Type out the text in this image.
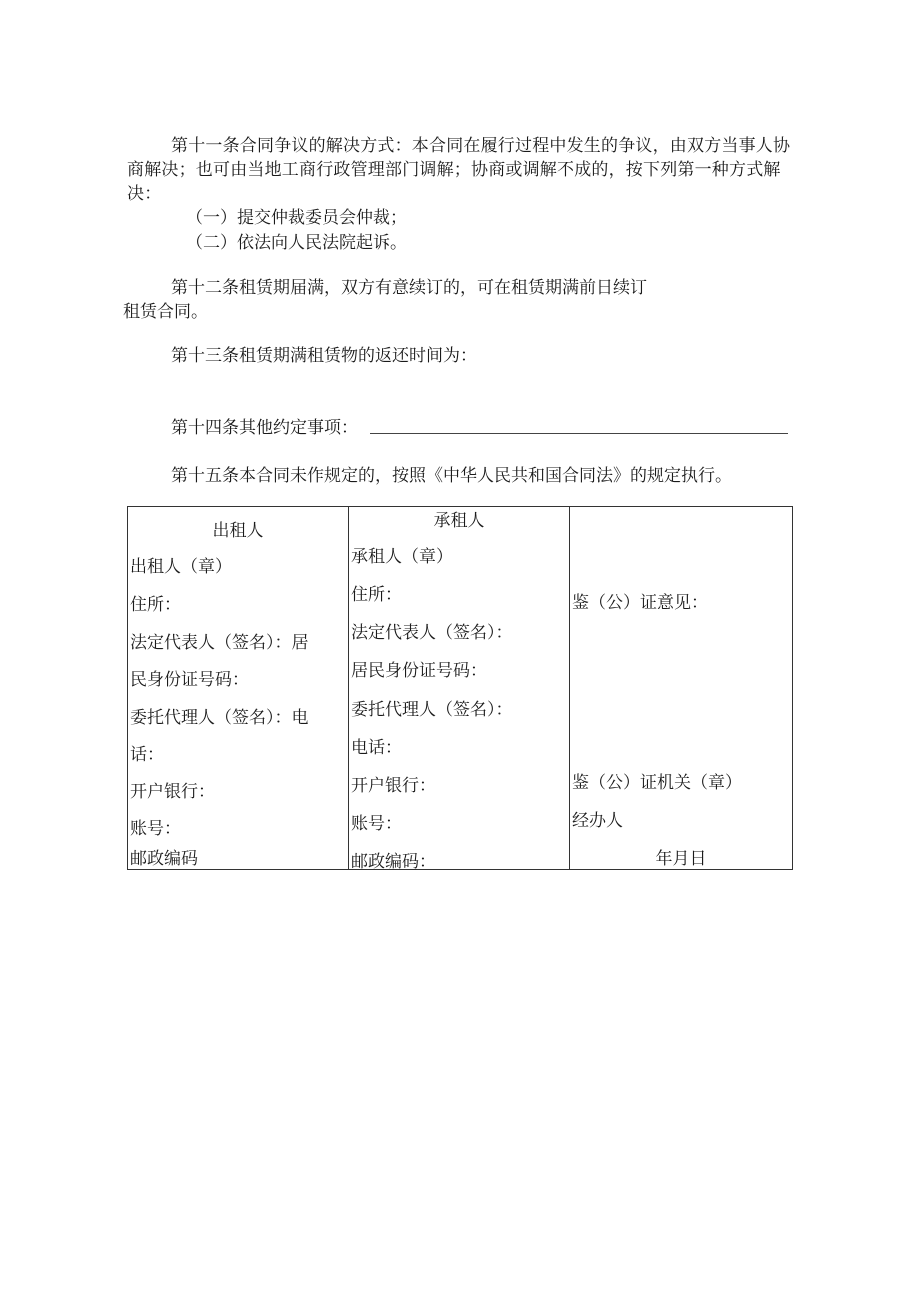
第十一条合同争议的解决方式：本合同在履行过程中发生的争议，由双方当事人协商解决；也可由当地工商行政管理部门调解；协商或调解不成的，按下列第一种方式解决：
（一）提交仲裁委员会仲裁；
（二）依法向人民法院起诉。
第十二条租赁期届满，双方有意续订的，可在租赁期满前日续订
租赁合同。
第十三条租赁期满租赁物的返还时间为：
第十四条其他约定事项：
第十五条本合同未作规定的，按照《中华人民共和国合同法》的规定执行。
出租人
出租人（章）
住所：
法定代表人（签名）：居
民身份证号码：
委托代理人（签名）：电
话：
开户银行：
账号：
邮政编码

承租人
承租人（章）
住所：
法定代表人（签名）：
居民身份证号码：
委托代理人（签名）：
电话：
开户银行：
账号：
邮政编码：

鉴（公）证意见：
鉴（公）证机关（章）
经办人
年月日
